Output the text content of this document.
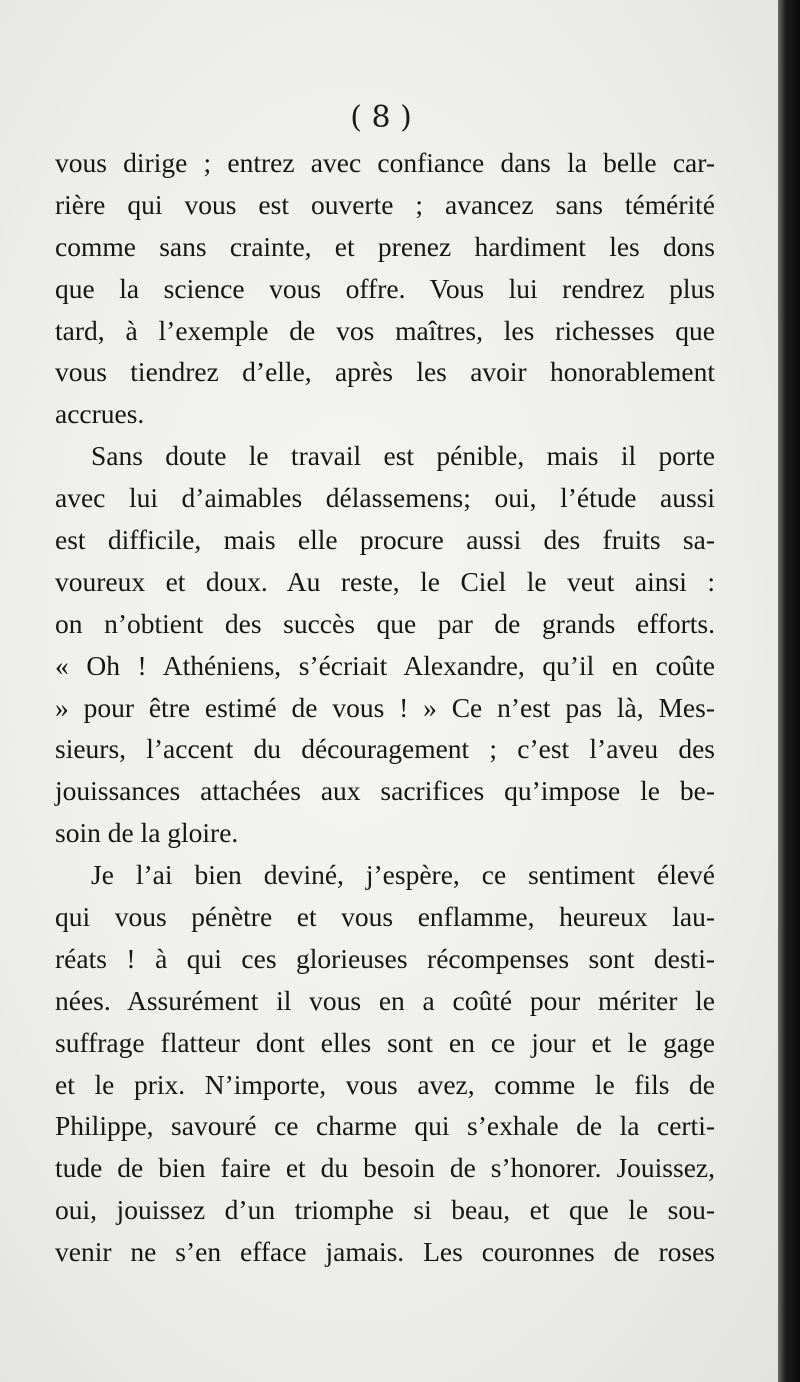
( 8 )
vous dirige ; entrez avec confiance dans la belle car-
rière qui vous est ouverte ; avancez sans témérité
comme sans crainte, et prenez hardiment les dons
que la science vous offre. Vous lui rendrez plus
tard, à l’exemple de vos maîtres, les richesses que
vous tiendrez d’elle, après les avoir honorablement
accrues.
Sans doute le travail est pénible, mais il porte
avec lui d’aimables délassemens; oui, l’étude aussi
est difficile, mais elle procure aussi des fruits sa-
voureux et doux. Au reste, le Ciel le veut ainsi :
on n’obtient des succès que par de grands efforts.
« Oh ! Athéniens, s’écriait Alexandre, qu’il en coûte
» pour être estimé de vous ! » Ce n’est pas là, Mes-
sieurs, l’accent du découragement ; c’est l’aveu des
jouissances attachées aux sacrifices qu’impose le be-
soin de la gloire.
Je l’ai bien deviné, j’espère, ce sentiment élevé
qui vous pénètre et vous enflamme, heureux lau-
réats ! à qui ces glorieuses récompenses sont desti-
nées. Assurément il vous en a coûté pour mériter le
suffrage flatteur dont elles sont en ce jour et le gage
et le prix. N’importe, vous avez, comme le fils de
Philippe, savouré ce charme qui s’exhale de la certi-
tude de bien faire et du besoin de s’honorer. Jouissez,
oui, jouissez d’un triomphe si beau, et que le sou-
venir ne s’en efface jamais. Les couronnes de roses
